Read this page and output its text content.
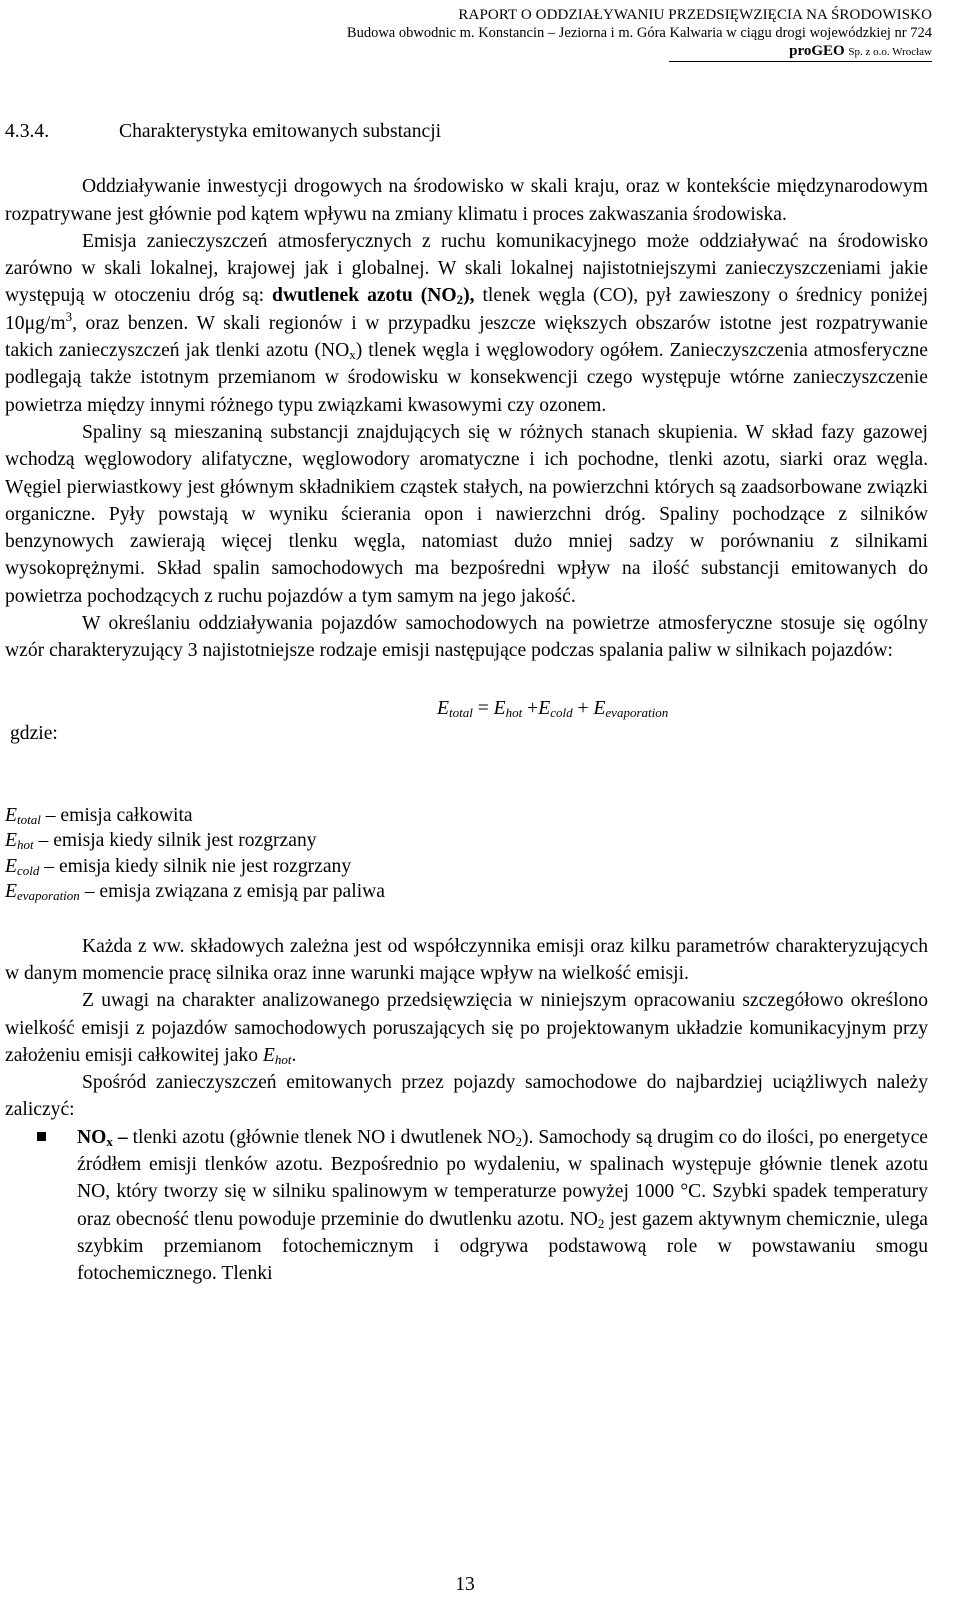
RAPORT O ODDZIAŁYWANIU PRZEDSIĘWZIĘCIA NA ŚRODOWISKO
Budowa obwodnic m. Konstancin – Jeziorna i m. Góra Kalwaria w ciągu drogi wojewódzkiej nr 724
proGEO Sp. z o.o. Wrocław
4.3.4.	Charakterystyka emitowanych substancji

Oddziaływanie inwestycji drogowych na środowisko w skali kraju, oraz w kontekście międzynarodowym rozpatrywane jest głównie pod kątem wpływu na zmiany klimatu i proces zakwaszania środowiska.

Emisja zanieczyszczeń atmosferycznych z ruchu komunikacyjnego może oddziaływać na środowisko zarówno w skali lokalnej, krajowej jak i globalnej. W skali lokalnej najistotniejszymi zanieczyszczeniami jakie występują w otoczeniu dróg są: dwutlenek azotu $(NO_2)$, tlenek węgla (CO), pył zawieszony o średnicy poniżej $10\mu g/m^3$, oraz benzen. W skali regionów i w przypadku jeszcze większych obszarów istotne jest rozpatrywanie takich zanieczyszczeń jak tlenki azotu $(NO_x)$ tlenek węgla i węglowodory ogółem. Zanieczyszczenia atmosferyczne podlegają także istotnym przemianom w środowisku w konsekwencji czego występuje wtórne zanieczyszczenie powietrza między innymi różnego typu związkami kwasowymi czy ozonem.

Spaliny są mieszaniną substancji znajdujących się w różnych stanach skupienia. W skład fazy gazowej wchodzą węglowodory alifatyczne, węglowodory aromatyczne i ich pochodne, tlenki azotu, siarki oraz węgla. Węgiel pierwiastkowy jest głównym składnikiem cząstek stałych, na powierzchni których są zaadsorbowane związki organiczne. Pyły powstają w wyniku ścierania opon i nawierzchni dróg. Spaliny pochodzące z silników benzynowych zawierają więcej tlenku węgla, natomiast dużo mniej sadzy w porównaniu z silnikami wysokoprężnymi. Skład spalin samochodowych ma bezpośredni wpływ na ilość substancji emitowanych do powietrza pochodzących z ruchu pojazdów a tym samym na jego jakość.

W określaniu oddziaływania pojazdów samochodowych na powietrze atmosferyczne stosuje się ogólny wzór charakteryzujący 3 najistotniejsze rodzaje emisji następujące podczas spalania paliw w silnikach pojazdów:

gdzie:
$E_{total} = E_{hot} +E_{cold} + E_{evaporation}$
$E_{total}$ – emisja całkowita
$E_{hot}$ – emisja kiedy silnik jest rozgrzany
$E_{cold}$ – emisja kiedy silnik nie jest rozgrzany
$E_{evaporation}$ – emisja związana z emisją par paliwa

Każda z ww. składowych zależna jest od współczynnika emisji oraz kilku parametrów charakteryzujących w danym momencie pracę silnika oraz inne warunki mające wpływ na wielkość emisji.

Z uwagi na charakter analizowanego przedsięwzięcia w niniejszym opracowaniu szczegółowo określono wielkość emisji z pojazdów samochodowych poruszających się po projektowanym układzie komunikacyjnym przy założeniu emisji całkowitej jako $E_{hot}$.

Spośród zanieczyszczeń emitowanych przez pojazdy samochodowe do najbardziej uciążliwych należy zaliczyć:

$NO_x$ – tlenki azotu (głównie tlenek NO i dwutlenek $NO_2$). Samochody są drugim co do ilości, po energetyce źródłem emisji tlenków azotu. Bezpośrednio po wydaleniu, w spalinach występuje głównie tlenek azotu NO, który tworzy się w silniku spalinowym w temperaturze powyżej 1000 °C. Szybki spadek temperatury oraz obecność tlenu powoduje przeminie do dwutlenku azotu. $NO_2$ jest gazem aktywnym chemicznie, ulega szybkim przemianom fotochemicznym i odgrywa podstawową role w powstawaniu smogu fotochemicznego. Tlenki
13
